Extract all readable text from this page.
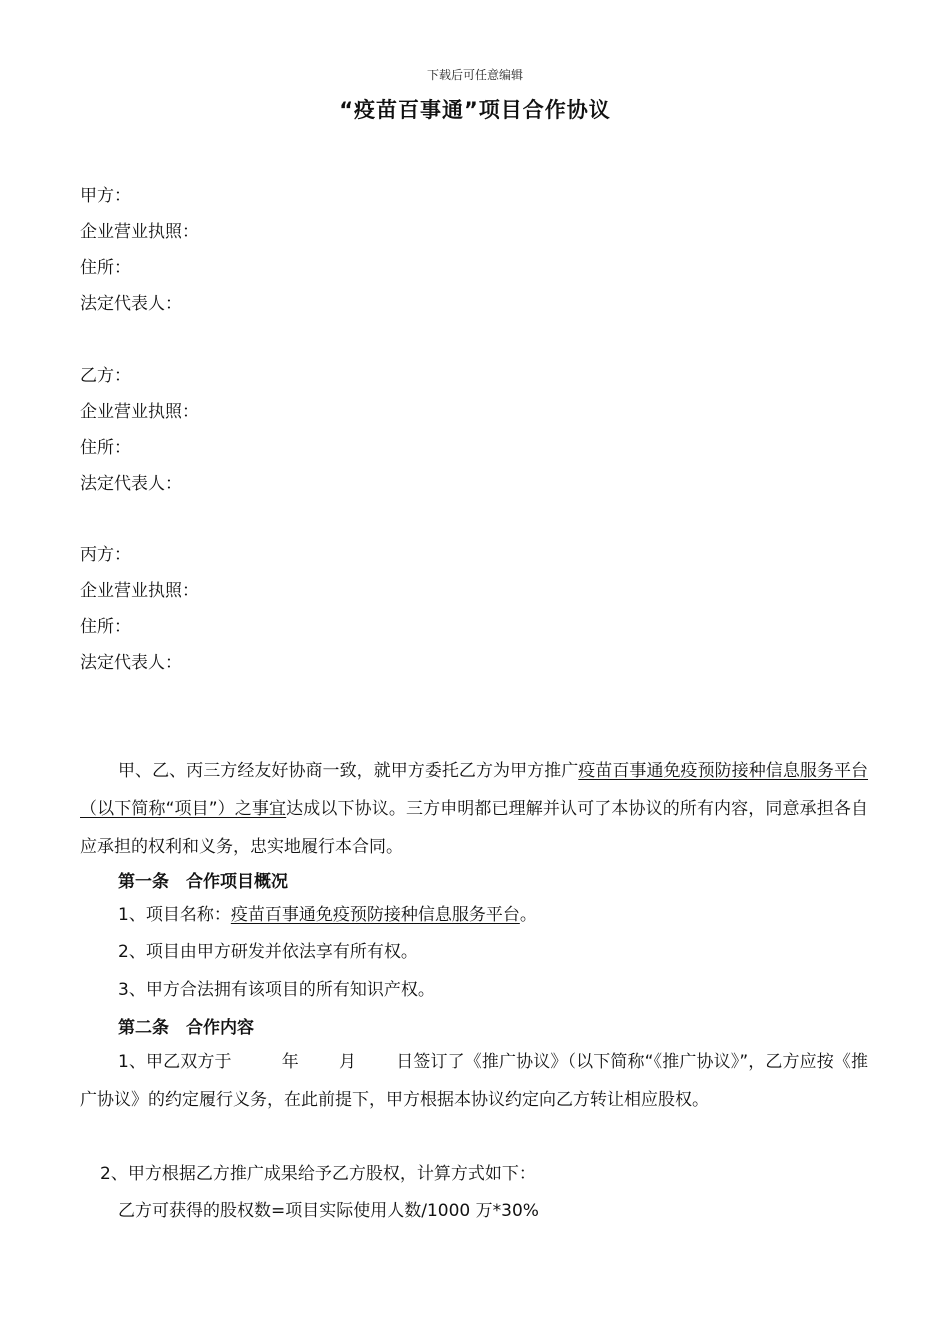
下载后可任意编辑
“疫苗百事通”项目合作协议
甲方：
企业营业执照：
住所：
法定代表人：
乙方：
企业营业执照：
住所：
法定代表人：
丙方：
企业营业执照：
住所：
法定代表人：
甲、乙、丙三方经友好协商一致，就甲方委托乙方为甲方推广疫苗百事通免疫预防接种信息服务平台（以下简称“项目”）之事宜达成以下协议。三方申明都已理解并认可了本协议的所有内容，同意承担各自应承担的权利和义务，忠实地履行本合同。
第一条　合作项目概况
1、项目名称：疫苗百事通免疫预防接种信息服务平台。
2、项目由甲方研发并依法享有所有权。
3、甲方合法拥有该项目的所有知识产权。
第二条　合作内容
1、甲乙双方于	年 月 日签订了《推广协议》（以下简称“《推广协议》”，乙方应按《推广协议》的约定履行义务，在此前提下，甲方根据本协议约定向乙方转让相应股权。
2、甲方根据乙方推广成果给予乙方股权，计算方式如下：
乙方可获得的股权数=项目实际使用人数/1000 万*30%
